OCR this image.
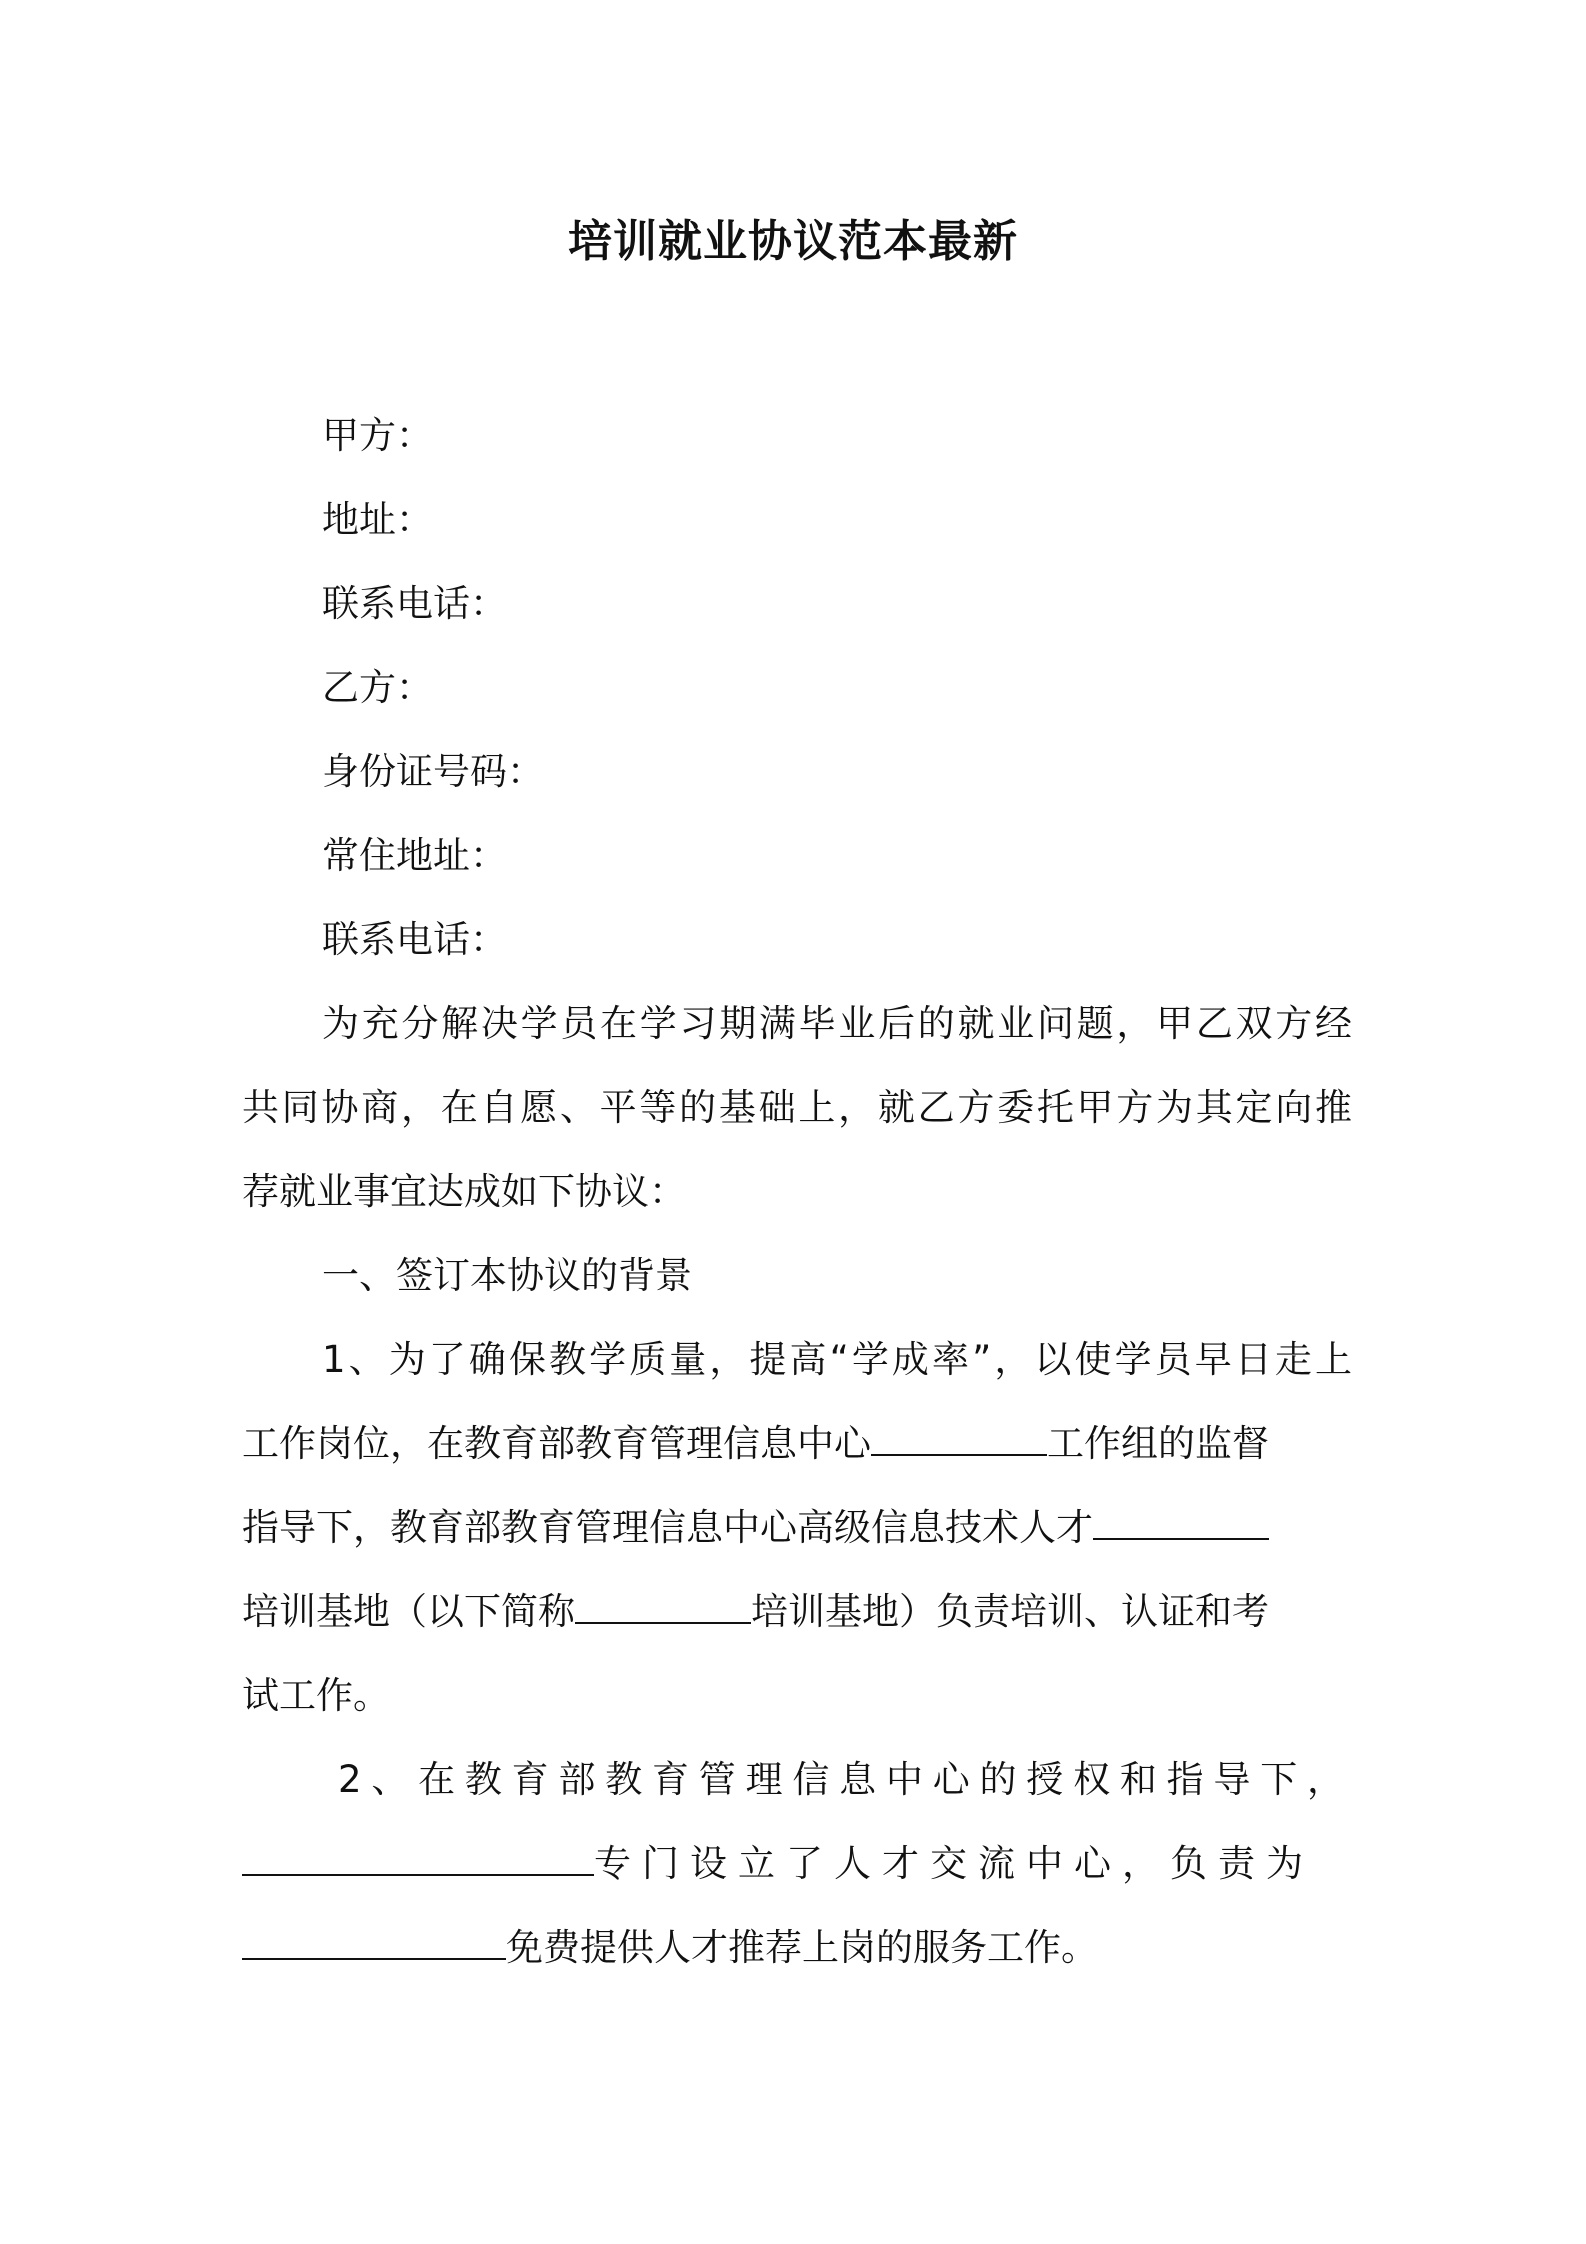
培训就业协议范本最新
甲方：
地址：
联系电话：
乙方：
身份证号码：
常住地址：
联系电话：
为充分解决学员在学习期满毕业后的就业问题，甲乙双方经
共同协商，在自愿、平等的基础上，就乙方委托甲方为其定向推
荐就业事宜达成如下协议：
一、签订本协议的背景
1、为了确保教学质量，提高“学成率”，以使学员早日走上
工作岗位，在教育部教育管理信息中心	工作组的监督
指导下，教育部教育管理信息中心高级信息技术人才
培训基地（以下简称	培训基地）负责培训、认证和考
试工作。
2、在教育部教育管理信息中心的授权和指导下，
专门设立了人才交流中心，负责为
免费提供人才推荐上岗的服务工作。
